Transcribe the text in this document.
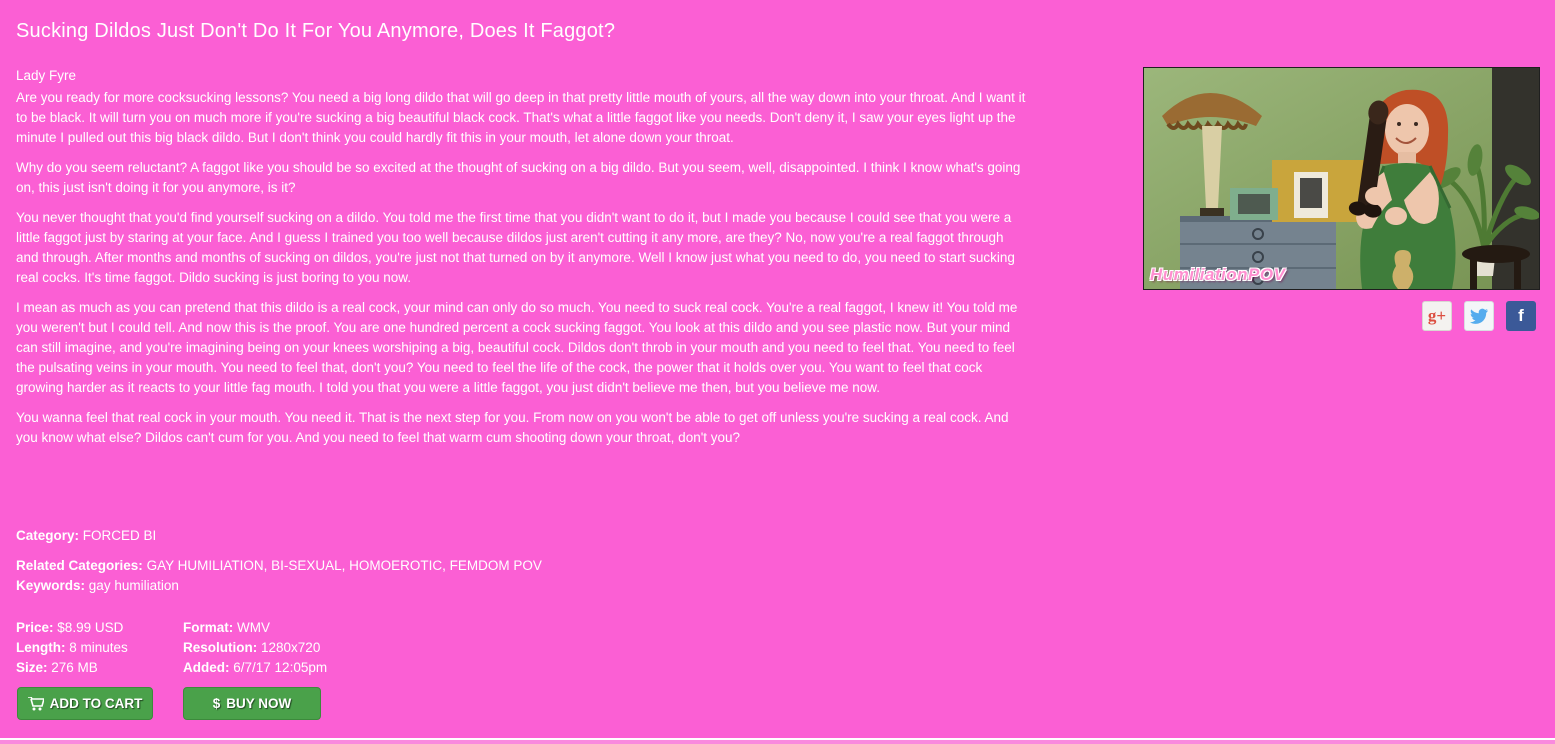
Sucking Dildos Just Don't Do It For You Anymore, Does It Faggot?
Lady Fyre

Are you ready for more cocksucking lessons? You need a big long dildo that will go deep in that pretty little mouth of yours, all the way down into your throat. And I want it to be black. It will turn you on much more if you're sucking a big beautiful black cock. That's what a little faggot like you needs. Don't deny it, I saw your eyes light up the minute I pulled out this big black dildo. But I don't think you could hardly fit this in your mouth, let alone down your throat.

Why do you seem reluctant? A faggot like you should be so excited at the thought of sucking on a big dildo. But you seem, well, disappointed. I think I know what's going on, this just isn't doing it for you anymore, is it?

You never thought that you'd find yourself sucking on a dildo. You told me the first time that you didn't want to do it, but I made you because I could see that you were a little faggot just by staring at your face. And I guess I trained you too well because dildos just aren't cutting it any more, are they? No, now you're a real faggot through and through. After months and months of sucking on dildos, you're just not that turned on by it anymore. Well I know just what you need to do, you need to start sucking real cocks. It's time faggot. Dildo sucking is just boring to you now.

I mean as much as you can pretend that this dildo is a real cock, your mind can only do so much. You need to suck real cock. You're a real faggot, I knew it! You told me you weren't but I could tell. And now this is the proof. You are one hundred percent a cock sucking faggot. You look at this dildo and you see plastic now. But your mind can still imagine, and you're imagining being on your knees worshiping a big, beautiful cock. Dildos don't throb in your mouth and you need to feel that. You need to feel the pulsating veins in your mouth. You need to feel that, don't you? You need to feel the life of the cock, the power that it holds over you. You want to feel that cock growing harder as it reacts to your little fag mouth. I told you that you were a little faggot, you just didn't believe me then, but you believe me now.

You wanna feel that real cock in your mouth. You need it. That is the next step for you. From now on you won't be able to get off unless you're sucking a real cock. And you know what else? Dildos can't cum for you. And you need to feel that warm cum shooting down your throat, don't you?

Category: FORCED BI
Related Categories: GAY HUMILIATION, BI-SEXUAL, HOMOEROTIC, FEMDOM POV
Keywords: gay humiliation
Price: $8.99 USD
Length: 8 minutes
Size: 276 MB
Format: WMV
Resolution: 1280x720
Added: 6/7/17 12:05pm
ADD TO CART	$ BUY NOW
HumiliationPOV
g+	f
